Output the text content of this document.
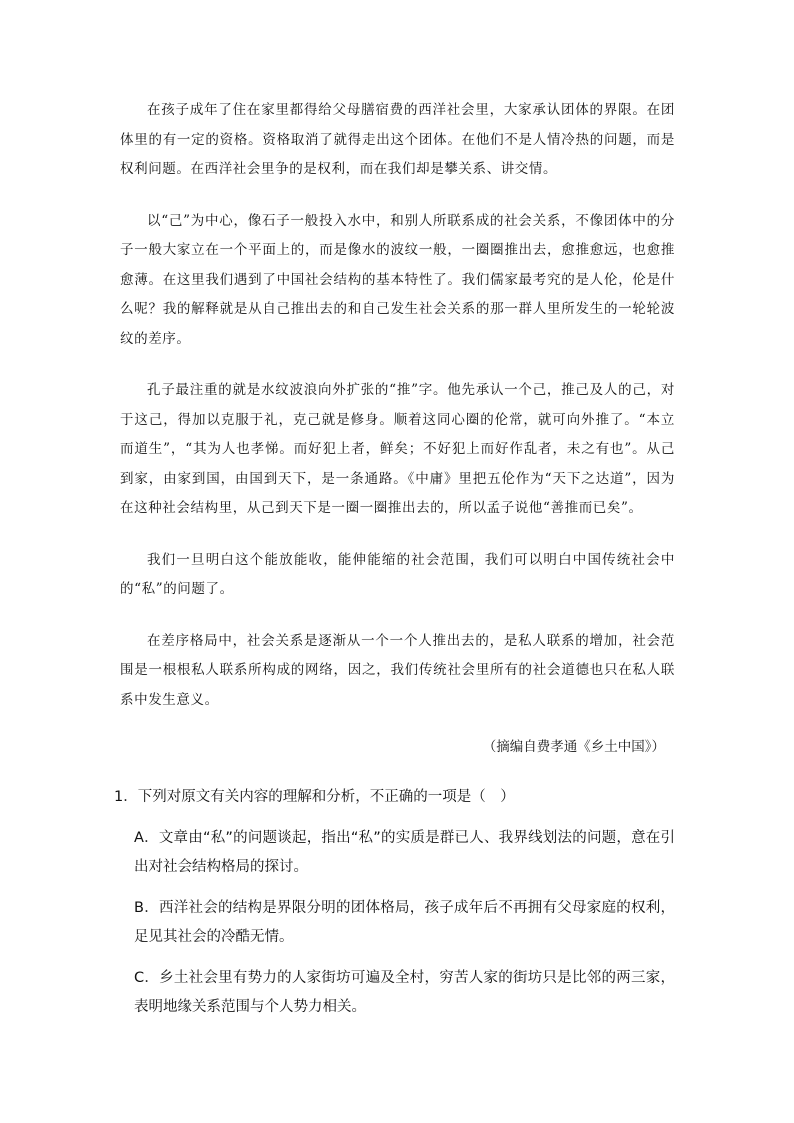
在孩子成年了住在家里都得给父母膳宿费的西洋社会里，大家承认团体的界限。在团体里的有一定的资格。资格取消了就得走出这个团体。在他们不是人情冷热的问题，而是权利问题。在西洋社会里争的是权利，而在我们却是攀关系、讲交情。

以“己”为中心，像石子一般投入水中，和别人所联系成的社会关系，不像团体中的分子一般大家立在一个平面上的，而是像水的波纹一般，一圈圈推出去，愈推愈远，也愈推愈薄。在这里我们遇到了中国社会结构的基本特性了。我们儒家最考究的是人伦，伦是什么呢？我的解释就是从自己推出去的和自己发生社会关系的那一群人里所发生的一轮轮波纹的差序。

孔子最注重的就是水纹波浪向外扩张的“推”字。他先承认一个己，推己及人的己，对于这己，得加以克服于礼，克己就是修身。顺着这同心圈的伦常，就可向外推了。“本立而道生”，“其为人也孝悌。而好犯上者，鲜矣；不好犯上而好作乱者，未之有也”。从己到家，由家到国，由国到天下，是一条通路。《中庸》里把五伦作为“天下之达道”，因为在这种社会结构里，从己到天下是一圈一圈推出去的，所以孟子说他“善推而已矣”。

我们一旦明白这个能放能收，能伸能缩的社会范围，我们可以明白中国传统社会中的“私”的问题了。

在差序格局中，社会关系是逐渐从一个一个人推出去的，是私人联系的增加，社会范围是一根根私人联系所构成的网络，因之，我们传统社会里所有的社会道德也只在私人联系中发生意义。

（摘编自费孝通《乡土中国》）
1．下列对原文有关内容的理解和分析，不正确的一项是（　）
A．文章由“私”的问题谈起，指出“私”的实质是群已人、我界线划法的问题，意在引出对社会结构格局的探讨。
B．西洋社会的结构是界限分明的团体格局，孩子成年后不再拥有父母家庭的权利，足见其社会的冷酷无情。
C．乡土社会里有势力的人家街坊可遍及全村，穷苦人家的街坊只是比邻的两三家，表明地缘关系范围与个人势力相关。
